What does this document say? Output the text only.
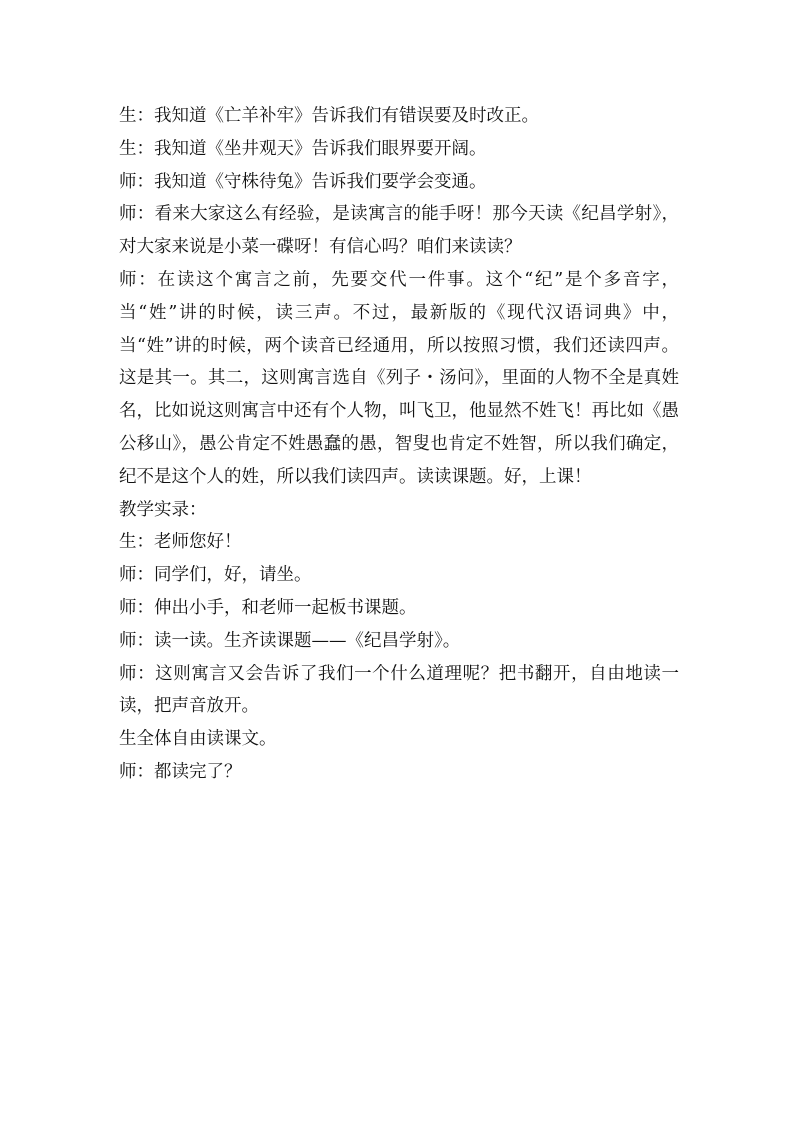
生：我知道《亡羊补牢》告诉我们有错误要及时改正。

生：我知道《坐井观天》告诉我们眼界要开阔。

师：我知道《守株待兔》告诉我们要学会变通。

师：看来大家这么有经验，是读寓言的能手呀！那今天读《纪昌学射》，对大家来说是小菜一碟呀！有信心吗？咱们来读读？

师：在读这个寓言之前，先要交代一件事。这个“纪”是个多音字，当“姓”讲的时候，读三声。不过，最新版的《现代汉语词典》中，当“姓”讲的时候，两个读音已经通用，所以按照习惯，我们还读四声。这是其一。其二，这则寓言选自《列子・汤问》，里面的人物不全是真姓名，比如说这则寓言中还有个人物，叫飞卫，他显然不姓飞！再比如《愚公移山》，愚公肯定不姓愚蠢的愚，智叟也肯定不姓智，所以我们确定，纪不是这个人的姓，所以我们读四声。读读课题。好，上课！

教学实录：

生：老师您好！

师：同学们，好，请坐。

师：伸出小手，和老师一起板书课题。

师：读一读。生齐读课题——《纪昌学射》。

师：这则寓言又会告诉了我们一个什么道理呢？把书翻开，自由地读一读，把声音放开。

生全体自由读课文。

师：都读完了？
